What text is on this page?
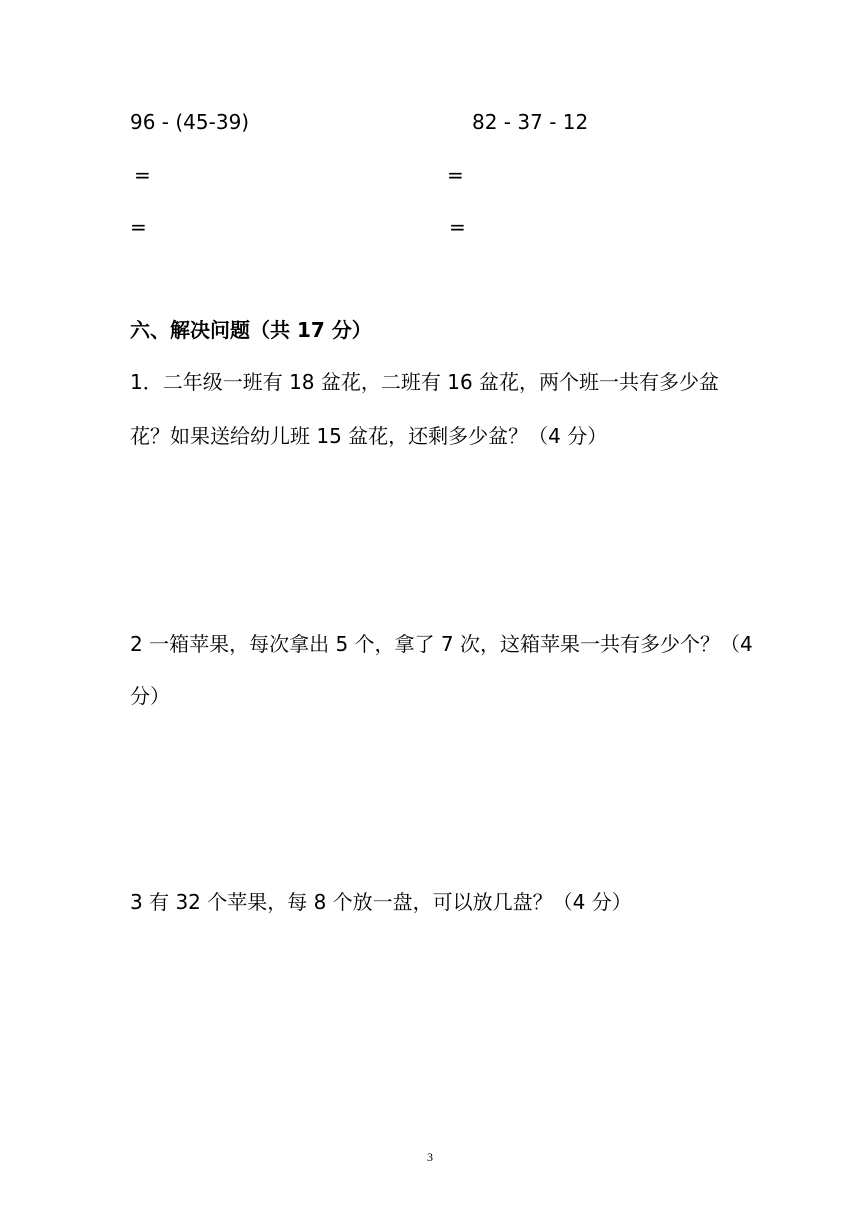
96 - (45-39)	82 - 37 - 12
=	=
=	=
六、解决问题（共 17 分）
1．二年级一班有 18 盆花，二班有 16 盆花，两个班一共有多少盆
花？如果送给幼儿班 15 盆花，还剩多少盆？（4 分）
2 一箱苹果，每次拿出 5 个，拿了 7 次，这箱苹果一共有多少个？（4
分）
3 有 32 个苹果，每 8 个放一盘，可以放几盘？（4 分）
3
